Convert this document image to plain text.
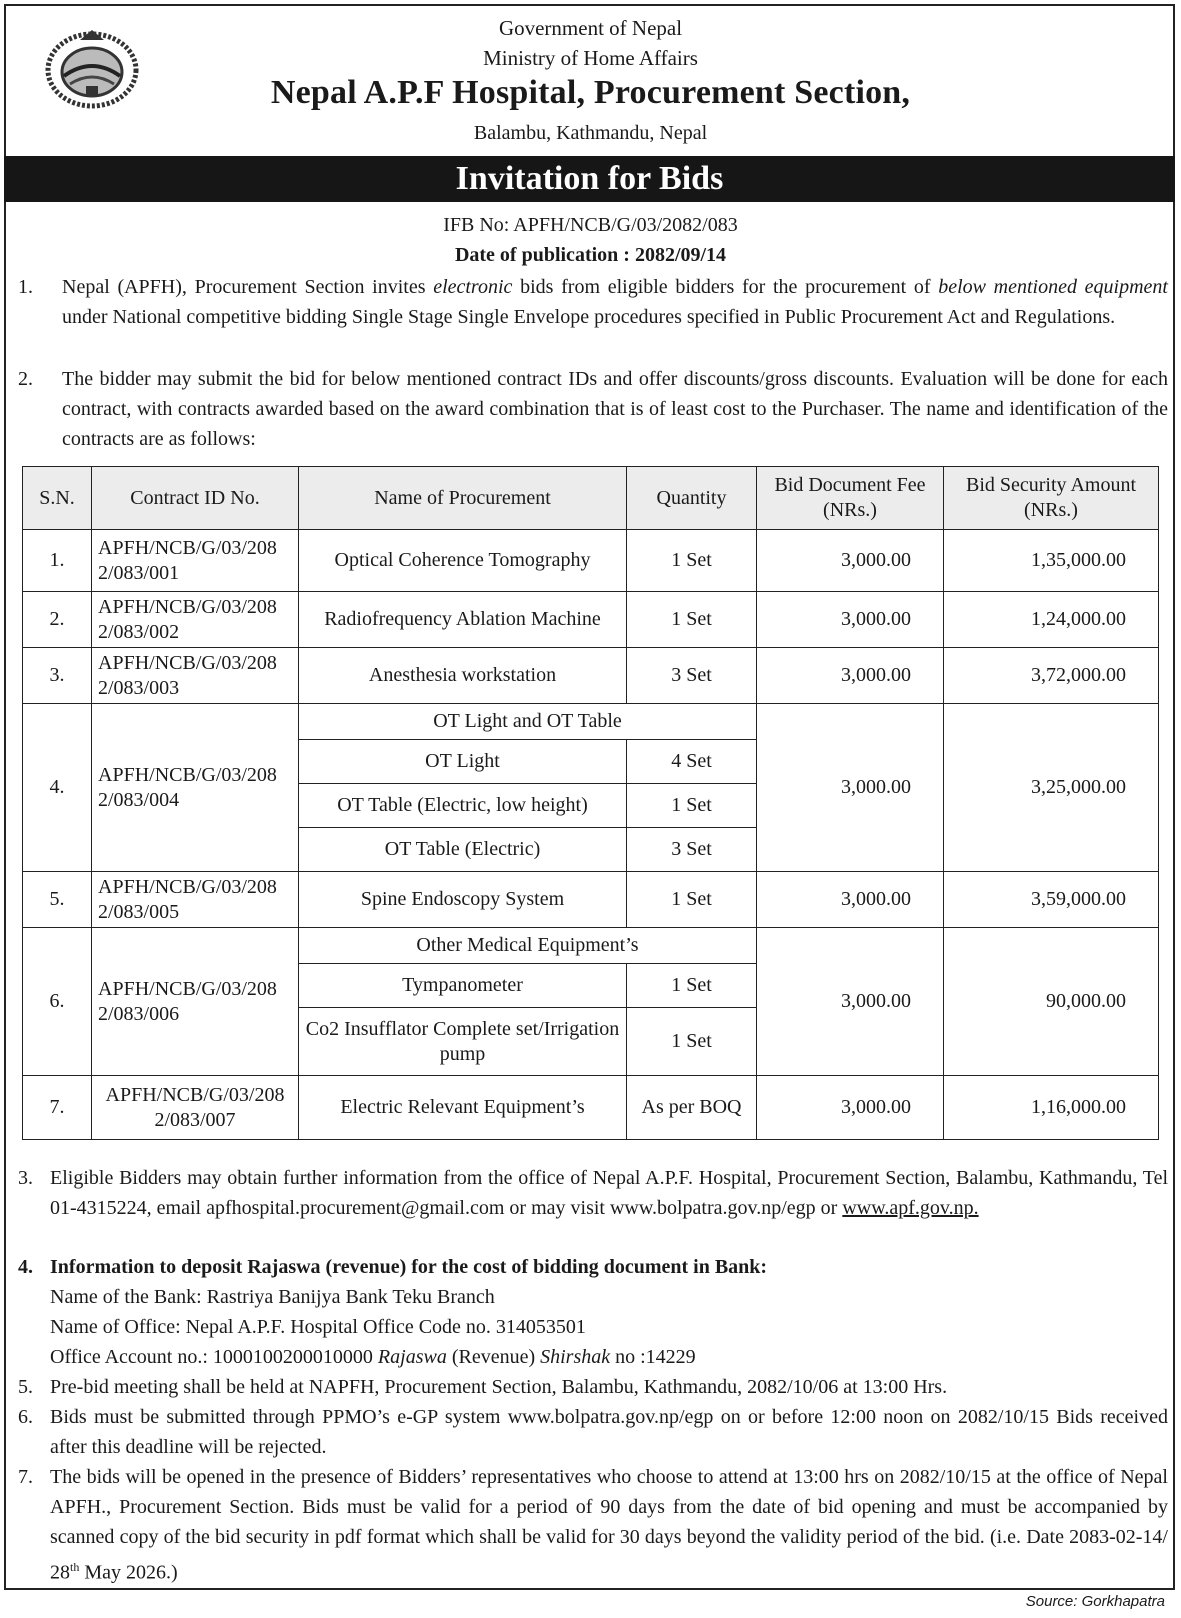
Government of Nepal
Ministry of Home Affairs
Nepal A.P.F Hospital, Procurement Section,
Balambu, Kathmandu, Nepal
Invitation for Bids
IFB No: APFH/NCB/G/03/2082/083
Date of publication : 2082/09/14
1.	Nepal (APFH), Procurement Section invites electronic bids from eligible bidders for the procurement of below mentioned equipment under National competitive bidding Single Stage Single Envelope procedures specified in Public Procurement Act and Regulations.
2.	The bidder may submit the bid for below mentioned contract IDs and offer discounts/gross discounts. Evaluation will be done for each contract, with contracts awarded based on the award combination that is of least cost to the Purchaser. The name and identification of the contracts are as follows:
S.N.	Contract ID No.	Name of Procurement	Quantity	Bid Document Fee (NRs.)	Bid Security Amount (NRs.)
1.	APFH/NCB/G/03/2082/083/001	Optical Coherence Tomography	1 Set	3,000.00	1,35,000.00
2.	APFH/NCB/G/03/2082/083/002	Radiofrequency Ablation Machine	1 Set	3,000.00	1,24,000.00
3.	APFH/NCB/G/03/2082/083/003	Anesthesia workstation	3 Set	3,000.00	3,72,000.00
4.	APFH/NCB/G/03/2082/083/004	OT Light and OT Table		3,000.00	3,25,000.00
		OT Light	4 Set		
		OT Table (Electric, low height)	1 Set		
		OT Table (Electric)	3 Set		
5.	APFH/NCB/G/03/2082/083/005	Spine Endoscopy System	1 Set	3,000.00	3,59,000.00
6.	APFH/NCB/G/03/2082/083/006	Other Medical Equipment’s		3,000.00	90,000.00
		Tympanometer	1 Set		
		Co2 Insufflator Complete set/Irrigation pump	1 Set		
7.	APFH/NCB/G/03/2082/083/007	Electric Relevant Equipment’s	As per BOQ	3,000.00	1,16,000.00
3. Eligible Bidders may obtain further information from the office of Nepal A.P.F. Hospital, Procurement Section, Balambu, Kathmandu, Tel 01-4315224, email apfhospital.procurement@gmail.com or may visit www.bolpatra.gov.np/egp or www.apf.gov.np.
4. Information to deposit Rajaswa (revenue) for the cost of bidding document in Bank:
Name of the Bank: Rastriya Banijya Bank Teku Branch
Name of Office: Nepal A.P.F. Hospital Office Code no. 314053501
Office Account no.: 1000100200010000 Rajaswa (Revenue) Shirshak no :14229
5. Pre-bid meeting shall be held at NAPFH, Procurement Section, Balambu, Kathmandu, 2082/10/06 at 13:00 Hrs.
6. Bids must be submitted through PPMO’s e-GP system www.bolpatra.gov.np/egp on or before 12:00 noon on 2082/10/15 Bids received after this deadline will be rejected.
7. The bids will be opened in the presence of Bidders’ representatives who choose to attend at 13:00 hrs on 2082/10/15 at the office of Nepal APFH., Procurement Section. Bids must be valid for a period of 90 days from the date of bid opening and must be accompanied by scanned copy of the bid security in pdf format which shall be valid for 30 days beyond the validity period of the bid. (i.e. Date 2083-02-14/ 28th May 2026.)
Source: Gorkhapatra
